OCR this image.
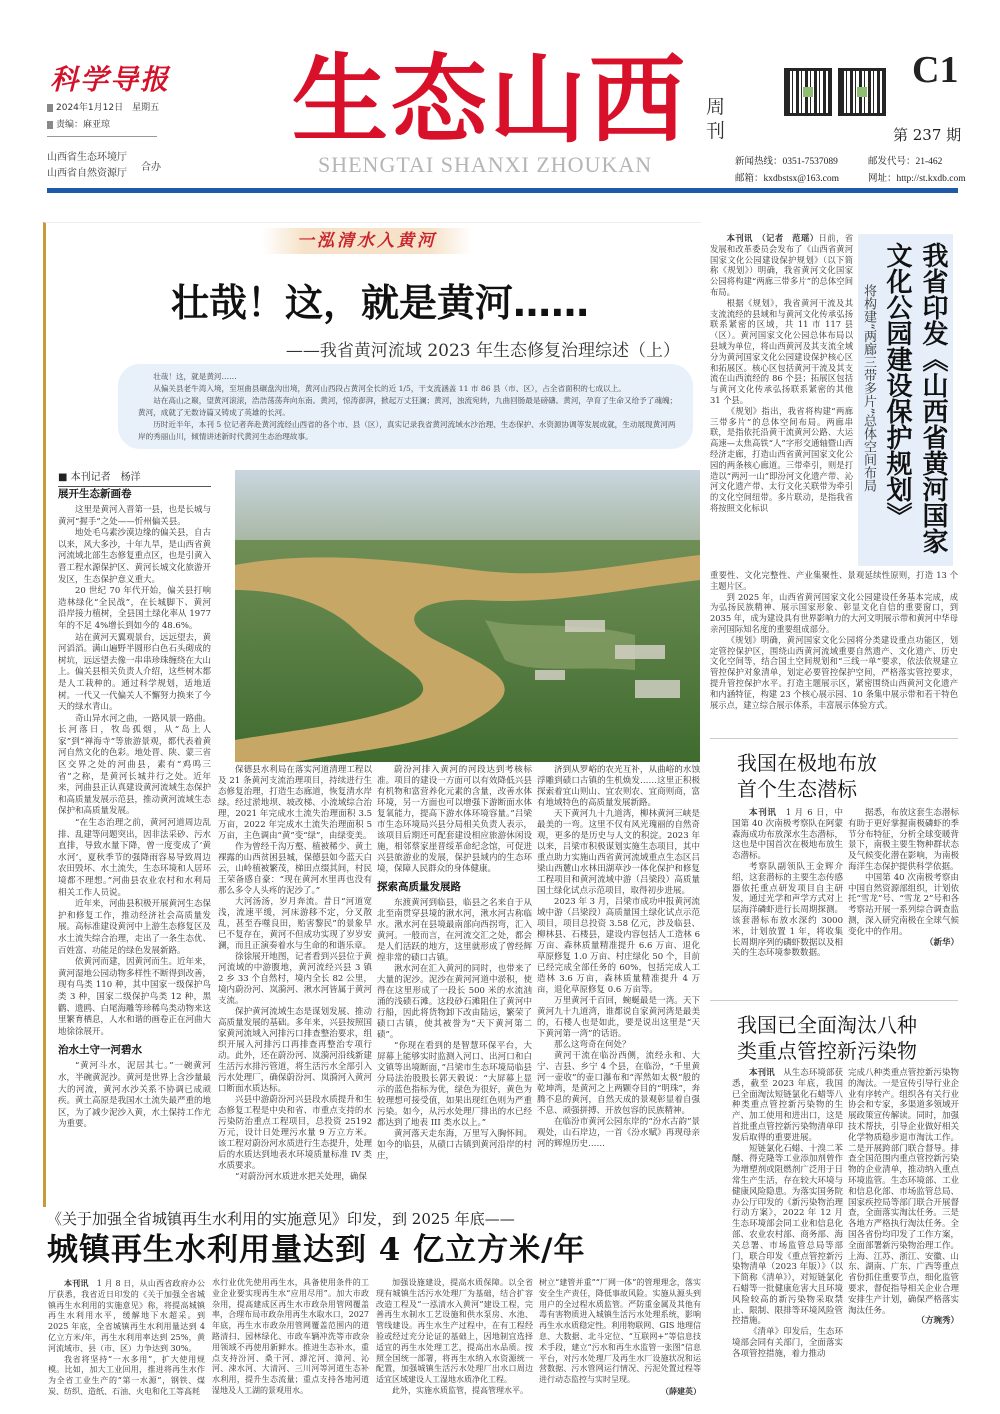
科学导报
2024年1月12日　星期五
责编：麻亚琼
山西省生态环境厅
山西省自然资源厅
合办
生态山西 周刊
SHENGTAI SHANXI ZHOUKAN
C1
第 237 期
新闻热线：0351-7537089	邮发代号：21-462
邮箱：kxdbstsx@163.com	网址：http://st.kxdb.com
一泓清水入黄河
壮哉！这，就是黄河……
——我省黄河流域 2023 年生态修复治理综述（上）

壮哉！这，就是黄河……

从偏关县老牛湾入境，至垣曲县碾盘沟出境，黄河山西段占黄河全长的近 1/5，干支流涵盖 11 市 86 县（市、区），占全省面积的七成以上。

站在高山之巅，望黄河滚滚，浩浩荡荡奔向东南。黄河，惊涛澎湃，掀起万丈狂澜；黄河，浊流宛转，九曲回肠最是磅礴。黄河，孕育了生命又给予了魂魄；黄河，成就了无数诗篇又铸成了英雄的长河。

历时近半年，本刊 5 位记者奔赴黄河流经山西省的各个市、县（区），真实记录我省黄河流域水沙治理、生态保护、水资源协调等发展成就，生动展现黄河两岸的秀丽山川，倾情讲述新时代黄河生态治理故事。

■ 本刊记者　杨洋
展开生态新画卷

这里是黄河入晋第一县，也是长城与黄河“握手”之处——忻州偏关县。

地处毛乌素沙漠边缘的偏关县，自古以来，风大多沙，十年九旱，是山西省黄河流域北部生态修复重点区，也是引黄入晋工程水源保护区、黄河长城文化旅游开发区，生态保护意义重大。

20 世纪 70 年代开始，偏关县打响造林绿化“全民战”，在长城脚下、黄河沿岸接力植树，全县国土绿化率从 1977 年的不足 4%增长到如今的 48.6%。

站在黄河天翼观景台，远远望去，黄河滔滔。满山遍野半圆形白色石头砌成的树坑，远远望去像一串串珍珠缠绕在大山上。偏关县相关负责人介绍，这些树木都是人工栽种的。通过科学规划，适地适树。一代又一代偏关人不懈努力换来了今天的绿水青山。

奇山异水河之曲，一路风景一路曲。长河落日，牧岛孤烟，从“岛上人家”到“禅海寺”等旅游景观，都代表着黄河自然文化的色彩。地处晋、陕、蒙三省区交界之处的河曲县，素有“鸡鸣三省”之称，是黄河长城并行之处。近年来，河曲县正认真建设黄河流域生态保护和高质量发展示范县，推动黄河流域生态保护和高质量发展。

“在生态治理之前，黄河河道周边乱排、乱建等问题突出，因非法采砂、污水直排，导致水量下降，曾一度变成了‘黄水河’，夏秋季节的强降雨容易导致周边农田毁坏、水土流失，生态环境和人居环境都不理想。”河曲县农业农村和水利局相关工作人员说。

近年来，河曲县积极开展黄河生态保护和修复工作，推动经济社会高质量发展。高标准建设黄河中上游生态修复区及水土流失综合治理，走出了一条生态优、百姓富、功能足的绿色发展新路。

依黄河而建，因黄河而生。近年来，黄河湿地公园动物多样性不断得到改善，现有鸟类 110 种，其中国家一级保护鸟类 3 种，国家二级保护鸟类 12 种，黑鹳、遗鸥、白尾海雕等珍稀鸟类动物来这里繁育栖息，人水和谐的画卷正在河曲大地徐徐展开。

治水土守一河碧水

“黄河斗水，泥居其七。”一碗黄河水，半碗黄泥沙。黄河是世界上含沙量最大的河流，黄河水沙关系不协调已成顽疾。黄土高原是我国水土流失最严重的地区，为了减少泥沙入黄，水土保持工作尤为重要。

保德县水利局在落实河道清理工程以及 21 条黄河支流治理项目，持续进行生态修复治理，打造生态廊道，恢复清水岸绿。经过淤地坝、坡改梯、小流域综合治理，2021 年完成水土流失治理面积 3.5 万亩，2022 年完成水土流失治理面积 5 万亩，主色调由“黄”变“绿”，由绿变美。

作为曾经千沟万壑、植被稀少、黄土裸露的山西贫困县城，保德县如今蓝天白云，山岭植被繁茂，梯田点缀其间，村民王荣备感自豪：“现在黄河水里再也没有那么多令人头疼的泥沙了。”

大河汤汤，岁月奔流。昔日“河道宽浅，流速平缓，河床游移不定，分叉散乱，甚至吞噬良田，贻害黎民”的景象早已不复存在，黄河不但成功实现了岁岁安澜，而且正演奏着水与生命的和谐乐章。

徐徐展开地图，记者看到兴县位于黄河流域的中游腹地，黄河流经兴县 3 镇 2 乡 33 个自然村，境内全长 82 公里，境内蔚汾河、岚漪河、湫水河皆属于黄河支流。

保护黄河流域生态是谋划发展、推动高质量发展的基础。多年来，兴县按照国家黄河流域入河排污口排查整治要求，组织开展入河排污口再排查再整治专项行动。此外，还在蔚汾河、岚漪河沿线新建生活污水排污管道，将生活污水全部引入污水处理厂，确保蔚汾河、岚漪河入黄河口断面水质达标。

兴县中游蔚汾河兴县段水质提升和生态修复工程是中央和省、市重点支持的水污染防治重点工程项目，总投资 25192 万元，设计日处理污水量 9 万立方米。该工程对蔚汾河水质进行生态提升，处理后的水质达到地表水环境质量标准 IV 类水质要求。

“对蔚汾河水质进水把关处理，确保

蔚汾河排入黄河的河段达到考核标准。项目的建设一方面可以有效降低兴县有机物和富营养化元素的含量，改善水体环境，另一方面也可以增强下游断面水体复氧能力，提高下游水体环境容量。”吕梁市生态环境局兴县分局相关负责人表示，该项目后期还可配套建设相应旅游休闲设施，相邻蔡家崖晋绥革命纪念馆，可促进兴县旅游业的发展，保护县域内的生态环境，保障人民群众的身体健康。

探索高质量发展路

东渡黄河到临县，临县之名来自于从北至南贯穿县境的湫水河，湫水河古称临水。湫水河在县境最南部向西拐弯，汇入黄河。一般而言，在河流交汇之处，都会是人们活跃的地方，这里就形成了曾经辉煌非常的碛口古镇。

湫水河在汇入黄河的同时，也带来了大量的泥沙。泥沙在黄河河道中淤积，使得在这里形成了一段长 500 米的水流汹涌的浅碛石滩。这段砂石滩阻住了黄河中行船，因此将货物卸下改由陆运，繁荣了碛口古镇，使其被誉为“天下黄河第二碛”。

“你现在看到的是智慧环保平台，大屏幕上能够实时监测入河口、出河口和白文镇等出境断面，”吕梁市生态环境局临县分局法治股股长郭天毅说：“大屏幕上显示的蓝色指标为优，绿色为很好，黄色为较理想可接受值，如果出现红色则为严重污染。如今，从污水处理厂排出的水已经都达到了地表 III 类水以上。”

黄河落天走东海，万里写入胸怀间。如今的临县，从碛口古镇到黄河沿岸的村庄，

济到从罗峪的农光互补，从曲峪的水蚀浮雕到碛口古镇的生机焕发……这里正积极探索着宜山则山、宜农则农、宜商则商，富有地域特色的高质量发展新路。

天下黄河九十九道湾，柳林黄河三峡是最美的一弯。这里不仅有风光瑰丽的自然奇观，更多的是历史与人文的积淀。2023 年以来，吕梁市积极谋划实施生态项目，其中重点助力实施山西省黄河流域重点生态区吕梁山西麓山水林田湖草沙一体化保护和修复工程项目和黄河流域中游（吕梁段）高质量国土绿化试点示范项目，取得初步进展。

2023 年 3 月，吕梁市成功申报黄河流域中游（吕梁段）高质量国土绿化试点示范项目，项目总投资 3.58 亿元，涉及临县、柳林县、石楼县，建设内容包括人工造林 6 万亩、森林质量精准提升 6.6 万亩、退化草原修复 1.0 万亩、村庄绿化 50 个，目前已经完成全部任务的 60%，包括完成人工造林 3.6 万亩，森林质量精准提升 4 万亩，退化草原修复 0.6 万亩等。

万里黄河千百回，蜿蜒最是一湾。天下黄河九十九道湾，谁都说自家黄河湾是最美的，石楼人也是如此，要是说出这里是“天下黄河第一湾”的话语。

那么这弯奇在何处？

黄河干流在临汾西侧，流经永和、大宁、吉县、乡宁 4 个县，在临汾，“千里黄河一壶收”的壶口瀑布和“浑然如太极”般的乾坤湾，是黄河之上两颗夺目的“明珠”，奔腾不息的黄河，自然天成的景观彰显着自强不息、顽强拼搏、开放包容的民族精神。

在临汾市黄河公园东岸的“汾水古韵”景观处，山石岸边，一首《汾水赋》再现母亲河的辉煌历史……

本刊讯　（记者　范瑶）日前，省发展和改革委员会发布了《山西省黄河国家文化公园建设保护规划》（以下简称《规划》）明确，我省黄河文化国家公园将构建“两廊三带多片”的总体空间布局。

根据《规划》，我省黄河干流及其支流流经的县域和与黄河文化传承弘扬联系紧密的区域，共 11 市 117 县（区）。黄河国家文化公园总体布局以县域为单位，将山西黄河及其支流全域分为黄河国家文化公园建设保护核心区和拓展区。核心区包括黄河干流及其支流在山西流经的 86 个县；拓展区包括与黄河文化传承弘扬联系紧密的其他 31 个县。

《规划》指出，我省将构建“两廊三带多片”的总体空间布局。两廊串联，是指依托沿黄干流黄河公路、大运高速—太焦高铁“人”字形交通轴暨山西经济走廊，打造山西省黄河国家文化公园的两条核心廊道。三带牵引，则是打造以“两河一山”即汾河文化遗产带、沁河文化遗产带、太行文化关联带为牵引的文化空间纽带。多片联动，是指我省将按照文化标识	我省印发《山西省黄河国家文化公园建设保护规划》
将构建“两廊三带多片”总体空间布局

重要性、文化完整性、产业集聚性、景观延续性原则，打造 13 个主题片区。

到 2025 年，山西省黄河国家文化公园建设任务基本完成，成为弘扬民族精神、展示国家形象、彰显文化自信的重要窗口，到 2035 年，成为建设具有世界影响力的大河文明展示带和黄河中华母亲河国际知名度的重要组成部分。

《规划》明确，黄河国家文化公园将分类建设重点功能区，划定管控保护区，围绕山西黄河流域重要自然遗产、文化遗产、历史文化空间等，结合国土空间规划和“三线一单”要求，依法依规建立管控保护对象清单，划定必要管控保护空间，严格落实管控要求，提升管控保护水平。打造主题展示区，紧密围绕山西黄河文化遗产和内涵特征，构建 23 个核心展示园、10 条集中展示带和若干特色展示点，建立综合展示体系，丰富展示体验方式。

我国在极地布放首个生态潜标

本刊讯　 1 月 6 日，中国第 40 次南极考察队在阿蒙森海成功布放深水生态潜标，这也是中国首次在极地布放生态潜标。

考察队副领队王金辉介绍，这套潜标的主要生态传感器依托重点研发项目自主研发，通过光学和声学方式对上层海洋磷虾进行长周期探测。该套潜标布放水深约 3000 米，计划放置 1 年，将收集长周期序列的磷虾数据以及相关的生态环境参数数据。

据悉，布放这套生态潜标有助于更好掌握南极磷虾的季节分布特征，分析全球变暖背景下，南极主要生物种群状态及气候变化潜在影响，为南极海洋生态保护提供科学依据。

中国第 40 次南极考察由中国自然资源部组织，计划依托“雪龙”号、“雪龙 2”号和各考察站开展一系列综合调查监测，深入研究南极在全球气候变化中的作用。

（新华）
我国已全面淘汰八种类重点管控新污染物

本刊讯　 从生态环境部获悉，截至 2023 年底，我国已全面淘汰短链氯化石蜡等八种类重点管控新污染物的生产、加工使用和进出口，这是首批重点管控新污染物清单印发后取得的重要进展。

短链氯化石蜡、十溴二苯醚、得克隆等工业添加剂曾作为增塑剂或阻燃剂广泛用于日常生产生活，存在较大环境与健康风险隐患。为落实国务院办公厅印发的《新污染物治理行动方案》，2022 年 12 月生态环境部会同工业和信息化部、农业农村部、商务部、海关总署、市场监管总局等部门，联合印发《重点管控新污染物清单（2023 年版）》（以下简称《清单》），对短链氯化石蜡等一批健康危害大且环境风险较高的新污染物采取禁止、限制、限排等环境风险管控措施。

《清单》印发后，生态环境部会同有关部门，全面落实各项管控措施，着力推动

完成八种类重点管控新污染物的淘汰。一是宣传引导行业企业有序转产。组织各有关行业协会和专家，多渠道多领域开展政策宣传解读。同时，加强技术帮扶，引导企业做好相关化学物质稳步退市淘汰工作。二是开展跨部门联合督导。排查全国范围内重点管控新污染物的企业清单，推动纳入重点环境监管。生态环境部、工业和信息化部、市场监管总局、国家疾控局等部门联合开展督查，全面落实淘汰任务。三是各地方严格执行淘汰任务。全国各省份均印发了工作方案，全面部署新污染物治理工作。上海、江苏、浙江、安徽、山东、湖南、广东、广西等重点省份抓住重要节点，细化监管要求，督促指导相关企业合理安排生产计划，确保严格落实淘汰任务。

（方琬秀）
《关于加强全省城镇再生水利用的实施意见》印发，到 2025 年底——
城镇再生水利用量达到 4 亿立方米/年

本刊讯　 1 月 8 日，从山西省政府办公厅获悉，我省近日印发的《关于加强全省城镇再生水利用的实施意见》称，将提高城镇再生水利用水平，缓解地下水超采。到 2025 年底，全省城镇再生水利用量达到 4 亿立方米/年，再生水利用率达到 25%，黄河流域市、县（市、区）力争达到 30%。

我省将坚持“一水多用”，扩大使用规模。比如，加大工业回用，推进将再生水作为全省工业生产的“第一水源”，钢铁、煤炭、纺织、造纸、石油、火电和化工等高耗

水行业优先使用再生水，具备使用条件的工业企业要实现再生水“应用尽用”。加大市政杂用，提高建成区再生水市政杂用管网覆盖率，合理布局市政杂用再生水取水口，2027 年底，再生水市政杂用管网覆盖范围内的道路清扫、园林绿化、市政车辆冲洗等市政杂用领域不再使用新鲜水。推进生态补水，重点支持汾河、桑干河、滹沱河、漳河、沁河、涑水河、大清河、三川河等河道生态补水利用，提升生态流量；重点支持各地河道湿地及人工湖的景观用水。

加强设施建设，提高水质保障。以全省现有城镇生活污水处理厂为基础，结合扩容改造工程及“一泓清水入黄河”建设工程，完善再生水制水工艺设施和供水泵房、水池、管线建设。再生水生产过程中，在有工程经验或经过充分论证的基础上，因地制宜选择适宜的再生水处理工艺，提高出水品质。按照全国统一部署，将再生水纳入水资源统一配置，加强城镇生活污水处理厂出水口周边适宜区域建设人工湿地水质净化工程。

此外，实施水质监管，提高管理水平。

树立“建管并重”“厂网一体”的管理理念，落实安全生产责任，降低事故风险。实施从源头到用户的全过程水质监管。严防重金属及其他有毒有害物质进入城镇生活污水处理系统，影响再生水水质稳定性。利用物联网、GIS 地理信息、大数据、北斗定位、“互联网+”等信息技术手段，建立“污水和再生水监管一张图”信息平台，对污水处理厂及再生水厂设施状况和运营数据、污水管网运行情况、污泥处置过程等进行动态监控与实时呈现。

（薛建英）
